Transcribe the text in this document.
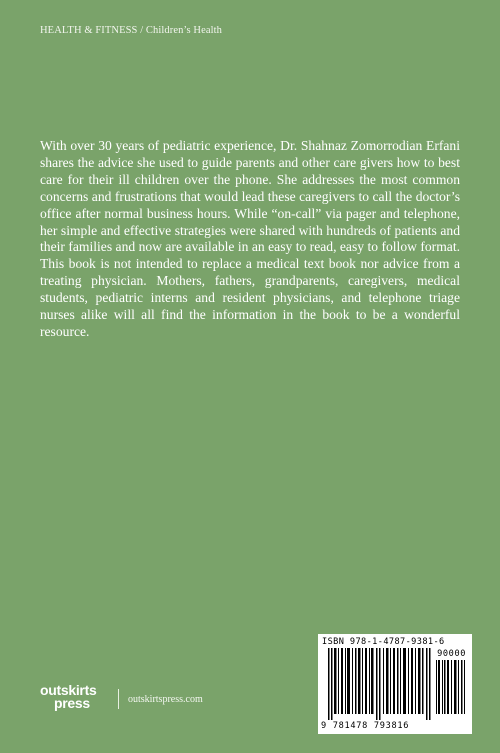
HEALTH & FITNESS / Children’s Health
With over 30 years of pediatric experience, Dr. Shahnaz Zomorrodian Erfani shares the advice she used to guide parents and other care givers how to best care for their ill children over the phone. She addresses the most common concerns and frustrations that would lead these caregivers to call the doctor’s office after normal business hours. While “on-call” via pager and telephone, her simple and effective strategies were shared with hundreds of patients and their families and now are available in an easy to read, easy to follow format. This book is not intended to replace a medical text book nor advice from a treating physician. Mothers, fathers, grandparents, caregivers, medical students, pediatric interns and resident physicians, and telephone triage nurses alike will all find the information in the book to be a wonderful resource.
ISBN 978-1-4787-9381-6
90000
9 781478 793816
outskirts
press	outskirtspress.com
